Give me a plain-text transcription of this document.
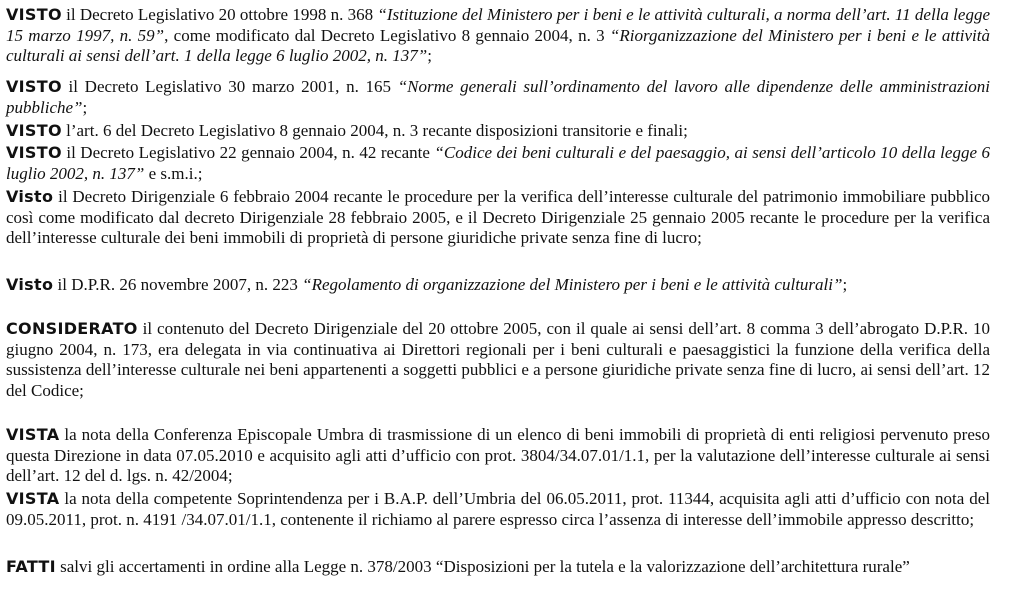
VISTO il Decreto Legislativo 20 ottobre 1998 n. 368 “Istituzione del Ministero per i beni e le attività culturali, a norma dell’art. 11 della legge 15 marzo 1997, n. 59”, come modificato dal Decreto Legislativo 8 gennaio 2004, n. 3 “Riorganizzazione del Ministero per i beni e le attività culturali ai sensi dell’art. 1 della legge 6 luglio 2002, n. 137”;

VISTO il Decreto Legislativo 30 marzo 2001, n. 165 “Norme generali sull’ordinamento del lavoro alle dipendenze delle amministrazioni pubbliche”;

VISTO l’art. 6 del Decreto Legislativo 8 gennaio 2004, n. 3 recante disposizioni transitorie e finali;

VISTO il Decreto Legislativo 22 gennaio 2004, n. 42 recante “Codice dei beni culturali e del paesaggio, ai sensi dell’articolo 10 della legge 6 luglio 2002, n. 137” e s.m.i.;

Visto il Decreto Dirigenziale 6 febbraio 2004 recante le procedure per la verifica dell’interesse culturale del patrimonio immobiliare pubblico così come modificato dal decreto Dirigenziale 28 febbraio 2005, e il Decreto Dirigenziale 25 gennaio 2005 recante le procedure per la verifica dell’interesse culturale dei beni immobili di proprietà di persone giuridiche private senza fine di lucro;

Visto il D.P.R. 26 novembre 2007, n. 223 “Regolamento di organizzazione del Ministero per i beni e le attività culturali”;

CONSIDERATO il contenuto del Decreto Dirigenziale del 20 ottobre 2005, con il quale ai sensi dell’art. 8 comma 3 dell’abrogato D.P.R. 10 giugno 2004, n. 173, era delegata in via continuativa ai Direttori regionali per i beni culturali e paesaggistici la funzione della verifica della sussistenza dell’interesse culturale nei beni appartenenti a soggetti pubblici e a persone giuridiche private senza fine di lucro, ai sensi dell’art. 12 del Codice;

VISTA la nota della Conferenza Episcopale Umbra di trasmissione di un elenco di beni immobili di proprietà di enti religiosi pervenuto preso questa Direzione in data 07.05.2010 e acquisito agli atti d’ufficio con prot. 3804/34.07.01/1.1, per la valutazione dell’interesse culturale ai sensi dell’art. 12 del d. lgs. n. 42/2004;

VISTA la nota della competente Soprintendenza per i B.A.P. dell’Umbria del 06.05.2011, prot. 11344, acquisita agli atti d’ufficio con nota del 09.05.2011, prot. n. 4191 /34.07.01/1.1, contenente il richiamo al parere espresso circa l’assenza di interesse dell’immobile appresso descritto;

FATTI salvi gli accertamenti in ordine alla Legge n. 378/2003 “Disposizioni per la tutela e la valorizzazione dell’architettura rurale”
